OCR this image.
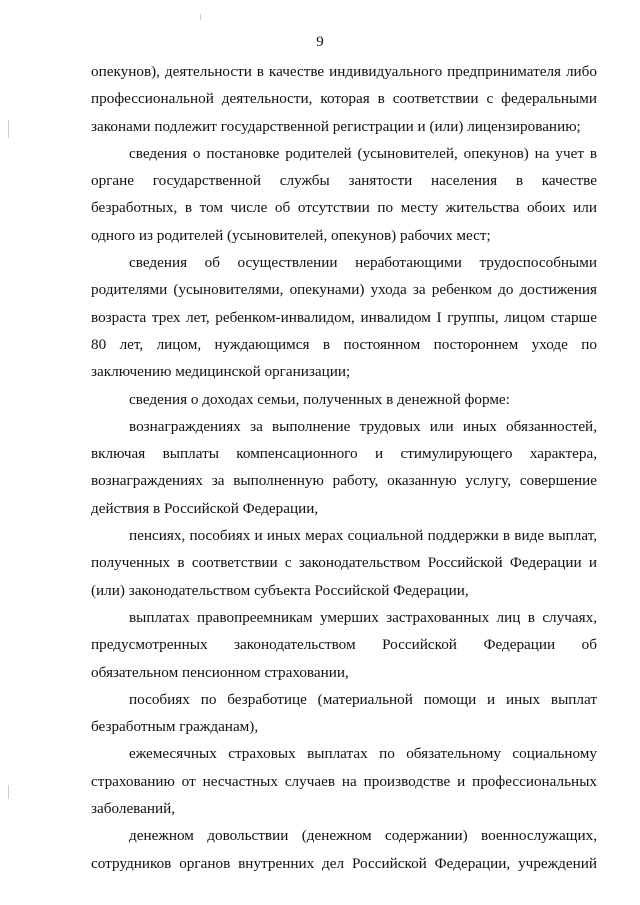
9

опекунов), деятельности в качестве индивидуального предпринимателя либо профессиональной деятельности, которая в соответствии с федеральными законами подлежит государственной регистрации и (или) лицензированию;

сведения о постановке родителей (усыновителей, опекунов) на учет в органе государственной службы занятости населения в качестве безработных, в том числе об отсутствии по месту жительства обоих или одного из родителей (усыновителей, опекунов) рабочих мест;

сведения об осуществлении неработающими трудоспособными родителями (усыновителями, опекунами) ухода за ребенком до достижения возраста трех лет, ребенком-инвалидом, инвалидом I группы, лицом старше 80 лет, лицом, нуждающимся в постоянном постороннем уходе по заключению медицинской организации;

сведения о доходах семьи, полученных в денежной форме:

вознаграждениях за выполнение трудовых или иных обязанностей, включая выплаты компенсационного и стимулирующего характера, вознаграждениях за выполненную работу, оказанную услугу, совершение действия в Российской Федерации,

пенсиях, пособиях и иных мерах социальной поддержки в виде выплат, полученных в соответствии с законодательством Российской Федерации и (или) законодательством субъекта Российской Федерации,

выплатах правопреемникам умерших застрахованных лиц в случаях, предусмотренных законодательством Российской Федерации об обязательном пенсионном страховании,

пособиях по безработице (материальной помощи и иных выплат безработным гражданам),

ежемесячных страховых выплатах по обязательному социальному страхованию от несчастных случаев на производстве и профессиональных заболеваний,

денежном довольствии (денежном содержании) военнослужащих, сотрудников органов внутренних дел Российской Федерации, учреждений
